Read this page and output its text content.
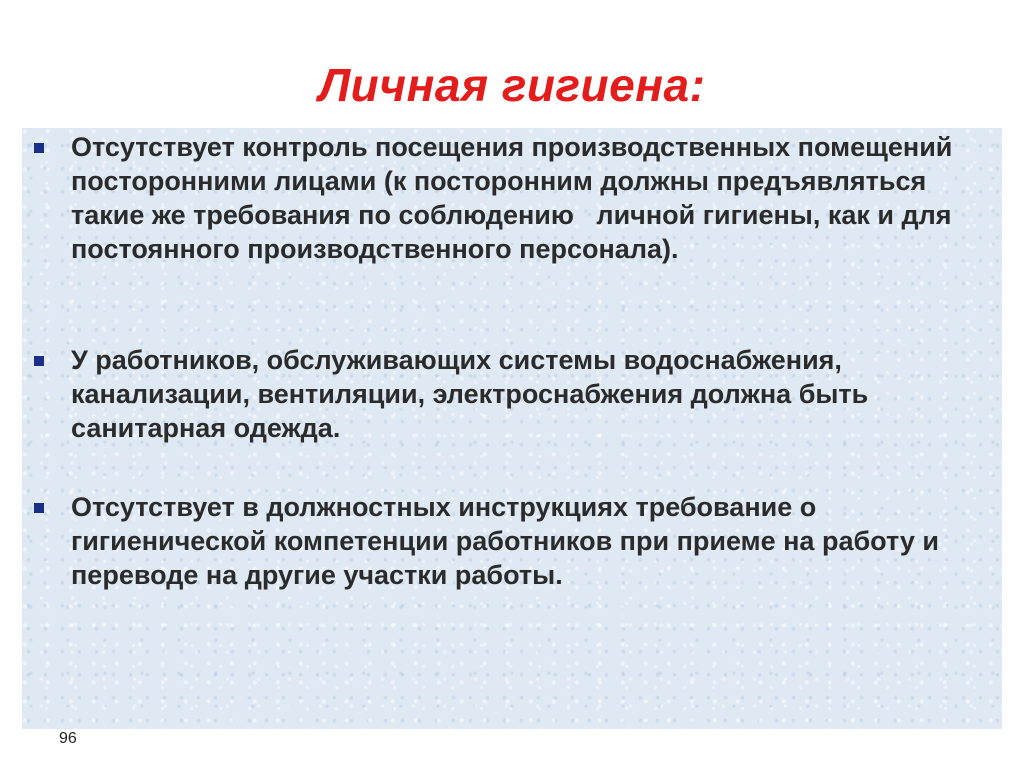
Личная гигиена:
Отсутствует контроль посещения производственных помещений посторонними лицами (к посторонним должны предъявляться такие же требования по соблюдению   личной гигиены, как и для постоянного производственного персонала).
У работников, обслуживающих системы водоснабжения, канализации, вентиляции, электроснабжения должна быть санитарная одежда.
Отсутствует в должностных инструкциях требование о гигиенической компетенции работников при приеме на работу и переводе на другие участки работы.
96
